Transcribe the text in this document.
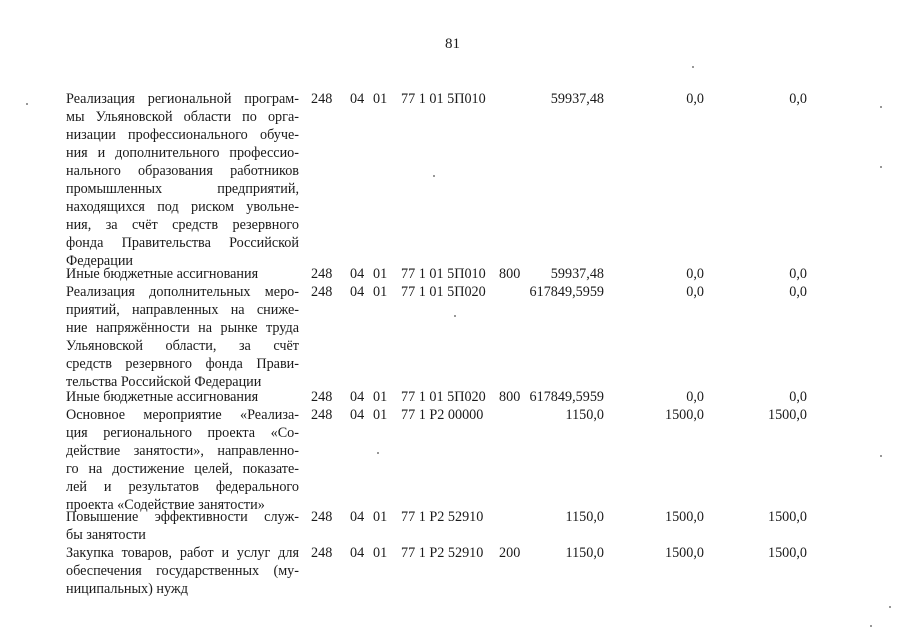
81
Реализация региональной програм-
мы Ульяновской области по орга-
низации профессионального обуче-
ния и дополнительного профессио-
нального образования работников
промышленных предприятий,
находящихся под риском увольне-
ния, за счёт средств резервного
фонда Правительства Российской
Федерации
248 04 01 77 1 01 5П010	59937,48	0,0	0,0
Иные бюджетные ассигнования	248 04 01 77 1 01 5П010 800	59937,48	0,0	0,0
Реализация дополнительных меро-
приятий, направленных на сниже-
ние напряжённости на рынке труда
Ульяновской области, за счёт
средств резервного фонда Прави-
тельства Российской Федерации
248 04 01 77 1 01 5П020	617849,5959	0,0	0,0
Иные бюджетные ассигнования	248 04 01 77 1 01 5П020 800 617849,5959	0,0	0,0
Основное мероприятие «Реализа-
ция регионального проекта «Со-
действие занятости», направленно-
го на достижение целей, показате-
лей и результатов федерального
проекта «Содействие занятости»
248 04 01 77 1 Р2 00000	1150,0	1500,0	1500,0
Повышение эффективности служ-
бы занятости
248 04 01 77 1 Р2 52910	1150,0	1500,0	1500,0
Закупка товаров, работ и услуг для
обеспечения государственных (му-
ниципальных) нужд
248 04 01 77 1 Р2 52910 200	1150,0	1500,0	1500,0
